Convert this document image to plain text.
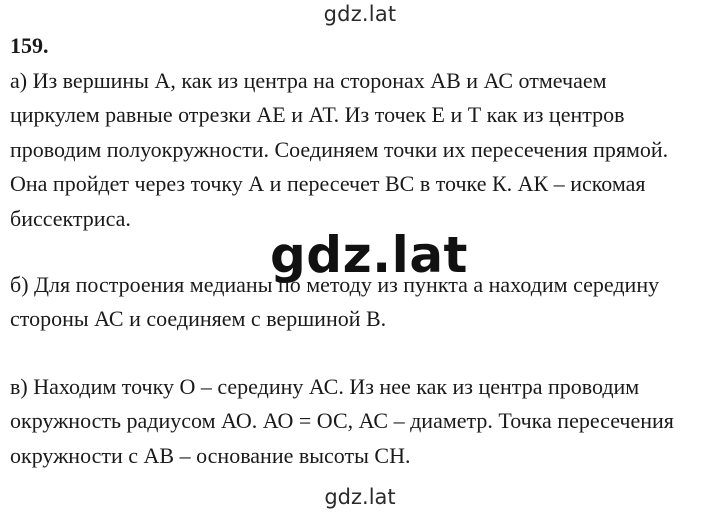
gdz.lat
159.
а) Из вершины А, как из центра на сторонах АВ и АС отмечаем
циркулем равные отрезки АЕ и АТ. Из точек Е и Т как из центров
проводим полуокружности. Соединяем точки их пересечения прямой.
Она пройдет через точку А и пересечет ВС в точке К. АК – искомая
биссектриса.
gdz.lat
б) Для построения медианы по методу из пункта а находим середину
стороны АС и соединяем с вершиной В.
в) Находим точку О – середину АС. Из нее как из центра проводим
окружность радиусом АО. АО = ОС, АС – диаметр. Точка пересечения
окружности с АВ – основание высоты СН.
gdz.lat
